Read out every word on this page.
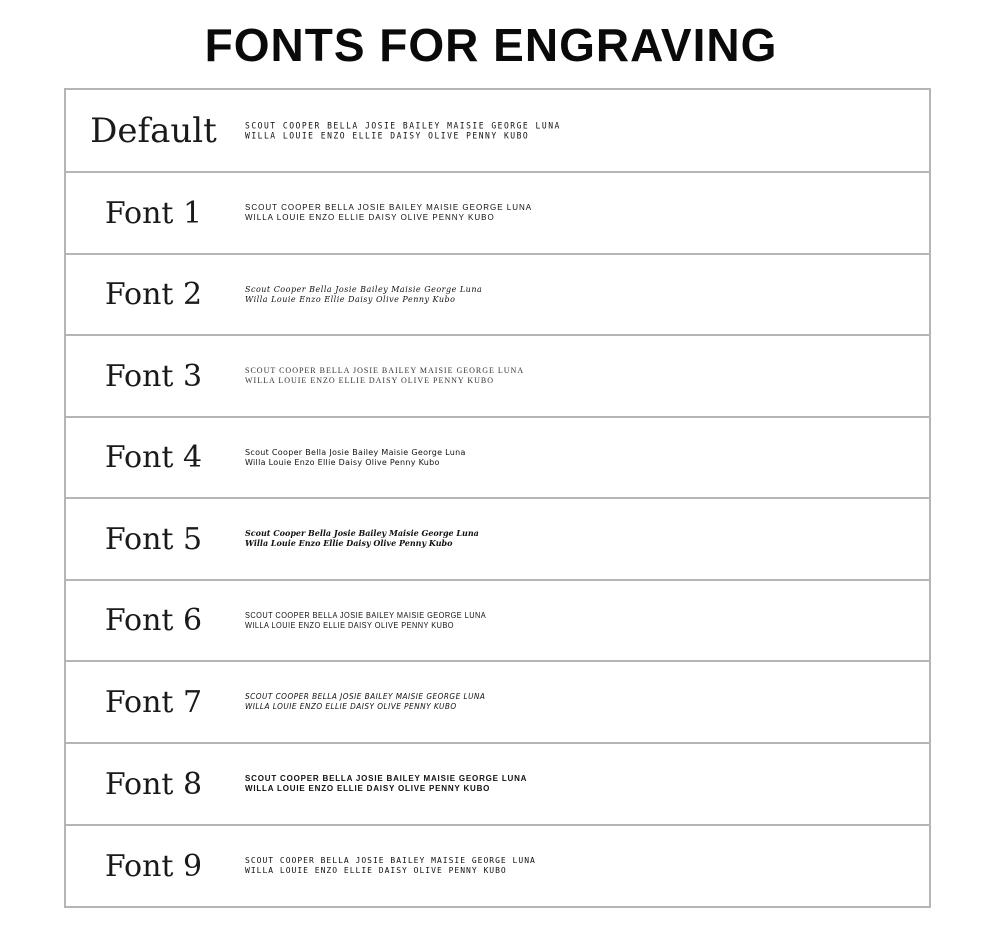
FONTS FOR ENGRAVING
Default	SCOUT COOPER BELLA JOSIE BAILEY MAISIE GEORGE LUNA
WILLA LOUIE ENZO ELLIE DAISY OLIVE PENNY KUBO
Font 1	SCOUT COOPER BELLA JOSIE BAILEY MAISIE GEORGE LUNA
WILLA LOUIE ENZO ELLIE DAISY OLIVE PENNY KUBO
Font 2	Scout Cooper Bella Josie Bailey Maisie George Luna
Willa Louie Enzo Ellie Daisy Olive Penny Kubo
Font 3	SCOUT COOPER BELLA JOSIE BAILEY MAISIE GEORGE LUNA
WILLA LOUIE ENZO ELLIE DAISY OLIVE PENNY KUBO
Font 4	Scout Cooper Bella Josie Bailey Maisie George Luna
Willa Louie Enzo Ellie Daisy Olive Penny Kubo
Font 5	Scout Cooper Bella Josie Bailey Maisie George Luna
Willa Louie Enzo Ellie Daisy Olive Penny Kubo
Font 6	SCOUT COOPER BELLA JOSIE BAILEY MAISIE GEORGE LUNA
WILLA LOUIE ENZO ELLIE DAISY OLIVE PENNY KUBO
Font 7	SCOUT COOPER BELLA JOSIE BAILEY MAISIE GEORGE LUNA
WILLA LOUIE ENZO ELLIE DAISY OLIVE PENNY KUBO
Font 8	SCOUT COOPER BELLA JOSIE BAILEY MAISIE GEORGE LUNA
WILLA LOUIE ENZO ELLIE DAISY OLIVE PENNY KUBO
Font 9	SCOUT COOPER BELLA JOSIE BAILEY MAISIE GEORGE LUNA
WILLA LOUIE ENZO ELLIE DAISY OLIVE PENNY KUBO
